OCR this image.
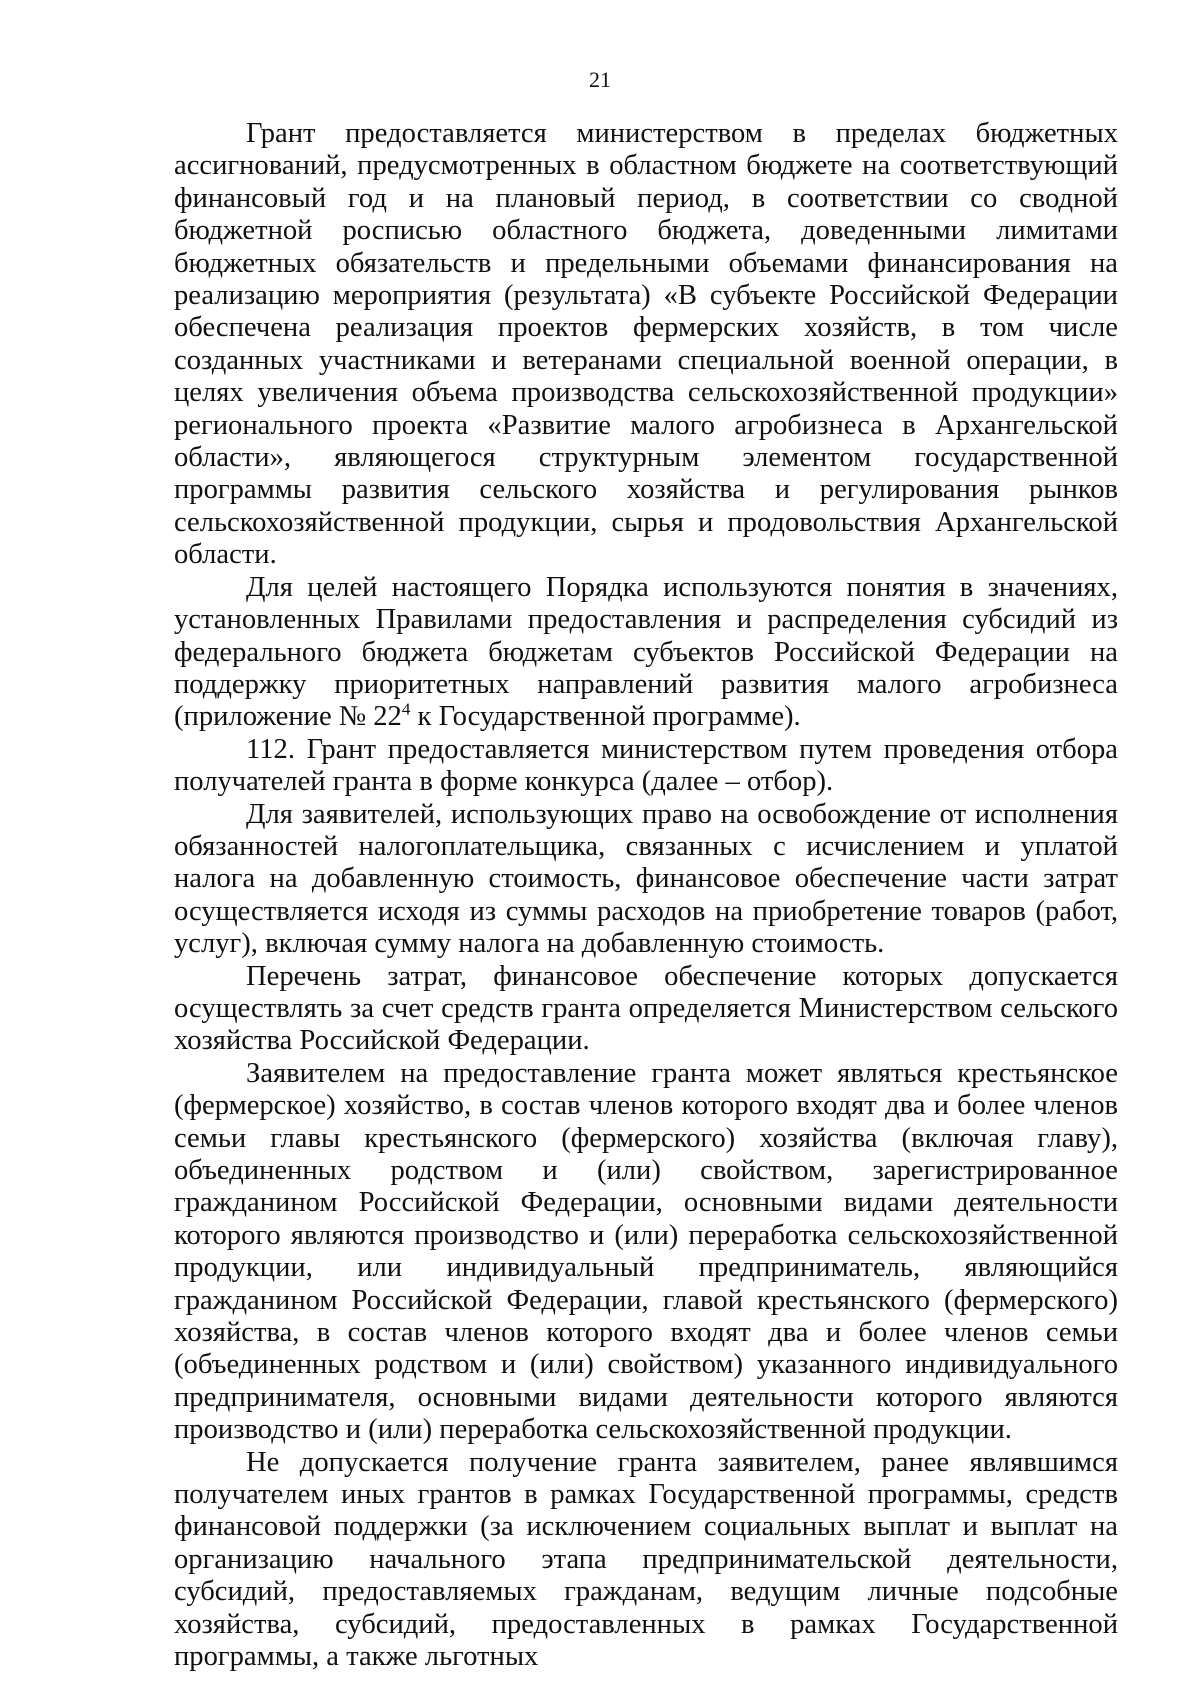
21

Грант предоставляется министерством в пределах бюджетных ассигнований, предусмотренных в областном бюджете на соответствующий финансовый год и на плановый период, в соответствии со сводной бюджетной росписью областного бюджета, доведенными лимитами бюджетных обязательств и предельными объемами финансирования на реализацию мероприятия (результата) «В субъекте Российской Федерации обеспечена реализация проектов фермерских хозяйств, в том числе созданных участниками и ветеранами специальной военной операции, в целях увеличения объема производства сельскохозяйственной продукции» регионального проекта «Развитие малого агробизнеса в Архангельской области», являющегося структурным элементом государственной программы развития сельского хозяйства и регулирования рынков сельскохозяйственной продукции, сырья и продовольствия Архангельской области.

Для целей настоящего Порядка используются понятия в значениях, установленных Правилами предоставления и распределения субсидий из федерального бюджета бюджетам субъектов Российской Федерации на поддержку приоритетных направлений развития малого агробизнеса (приложение № $22^4$ к Государственной программе).

112. Грант предоставляется министерством путем проведения отбора получателей гранта в форме конкурса (далее – отбор).

Для заявителей, использующих право на освобождение от исполнения обязанностей налогоплательщика, связанных с исчислением и уплатой налога на добавленную стоимость, финансовое обеспечение части затрат осуществляется исходя из суммы расходов на приобретение товаров (работ, услуг), включая сумму налога на добавленную стоимость.

Перечень затрат, финансовое обеспечение которых допускается осуществлять за счет средств гранта определяется Министерством сельского хозяйства Российской Федерации.

Заявителем на предоставление гранта может являться крестьянское (фермерское) хозяйство, в состав членов которого входят два и более членов семьи главы крестьянского (фермерского) хозяйства (включая главу), объединенных родством и (или) свойством, зарегистрированное гражданином Российской Федерации, основными видами деятельности которого являются производство и (или) переработка сельскохозяйственной продукции, или индивидуальный предприниматель, являющийся гражданином Российской Федерации, главой крестьянского (фермерского) хозяйства, в состав членов которого входят два и более членов семьи (объединенных родством и (или) свойством) указанного индивидуального предпринимателя, основными видами деятельности которого являются производство и (или) переработка сельскохозяйственной продукции.

Не допускается получение гранта заявителем, ранее являвшимся получателем иных грантов в рамках Государственной программы, средств финансовой поддержки (за исключением социальных выплат и выплат на организацию начального этапа предпринимательской деятельности, субсидий, предоставляемых гражданам, ведущим личные подсобные хозяйства, субсидий, предоставленных в рамках Государственной программы, а также льготных
